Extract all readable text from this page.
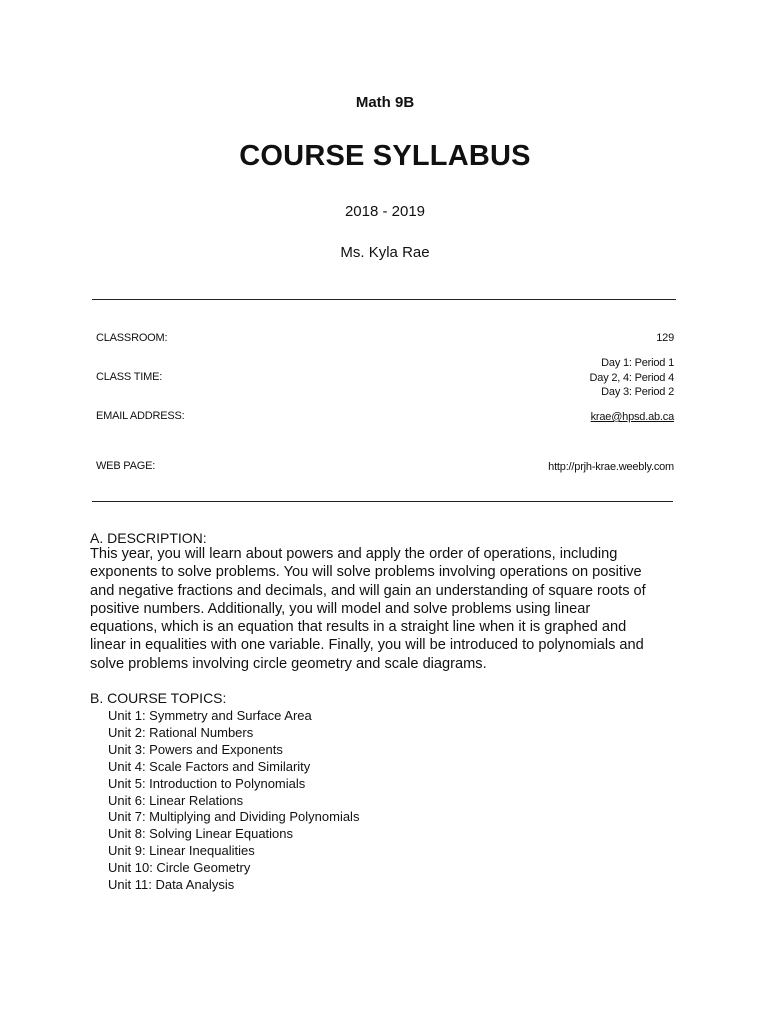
Math 9B
COURSE SYLLABUS
2018 - 2019
Ms. Kyla Rae
CLASSROOM:	129
CLASS TIME:
Day 1: Period 1
Day 2, 4: Period 4
Day 3: Period 2
EMAIL ADDRESS:	krae@hpsd.ab.ca
WEB PAGE:	http://prjh-krae.weebly.com
A. DESCRIPTION:
This year, you will learn about powers and apply the order of operations, including
exponents to solve problems. You will solve problems involving operations on positive
and negative fractions and decimals, and will gain an understanding of square roots of
positive numbers. Additionally, you will model and solve problems using linear
equations, which is an equation that results in a straight line when it is graphed and
linear in equalities with one variable. Finally, you will be introduced to polynomials and
solve problems involving circle geometry and scale diagrams.
B. COURSE TOPICS:
Unit 1: Symmetry and Surface Area
Unit 2: Rational Numbers
Unit 3: Powers and Exponents
Unit 4: Scale Factors and Similarity
Unit 5: Introduction to Polynomials
Unit 6: Linear Relations
Unit 7: Multiplying and Dividing Polynomials
Unit 8: Solving Linear Equations
Unit 9: Linear Inequalities
Unit 10: Circle Geometry
Unit 11: Data Analysis
